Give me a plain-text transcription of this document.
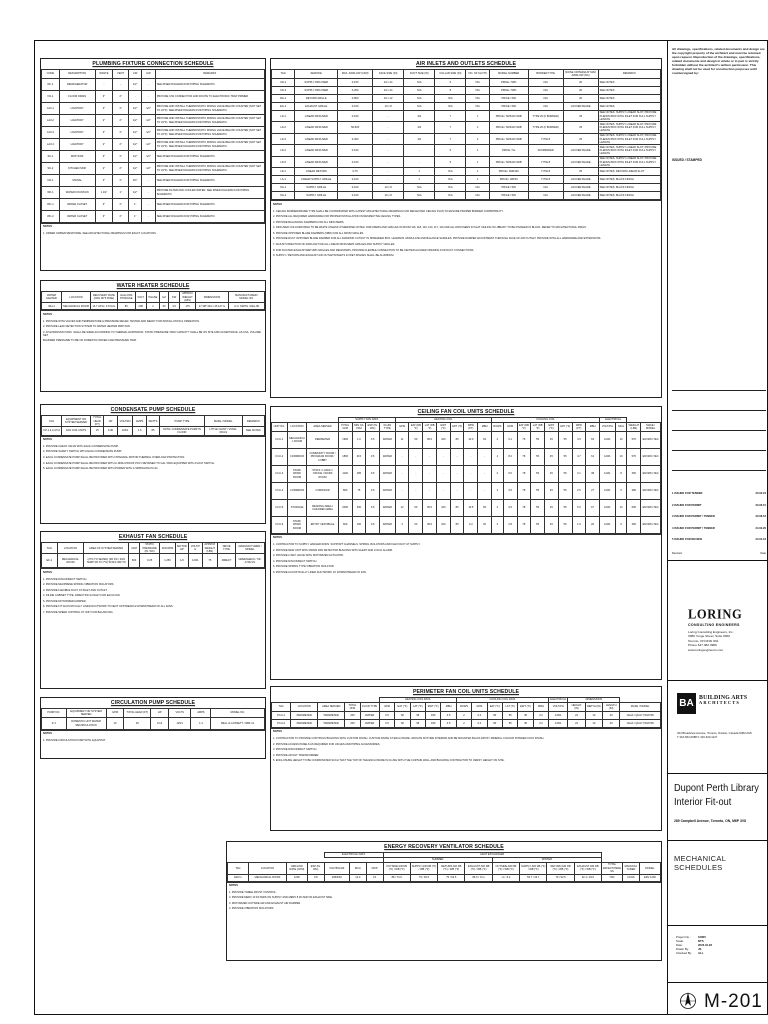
PLUMBING FIXTURE CONNECTION SCHEDULE
CODE	DESCRIPTION	WASTE	VENT	CW	HW	REMARKS
RF-1	REFRIGERATOR	-	-	1/2"	-	SEE RISER DIAGRAM FOR PIPING SCHEMATIC
FD-1	FLOOR DRAIN	3"	2"	-	-	PROVIDE C/W CONNECTION AND ROUTE TO ELECTRONIC TRAP PRIMER
LAV-1	LAVATORY	2"	2"	1/2"	1/2"	PROVIDE AND INSTALL THERMOSTATIC MIXING VALVE BELOW COUNTER (NOT SET TO 43°F). SEE RISER DIAGRAM FOR PIPING SCHEMATIC
LAV-2	LAVATORY	2"	2"	1/2"	1/2"	PROVIDE AND INSTALL THERMOSTATIC MIXING VALVE BELOW COUNTER (NOT SET TO 43°F). SEE RISER DIAGRAM FOR PIPING SCHEMATIC
LAV-3	LAVATORY	2"	2"	1/2"	1/2"	PROVIDE AND INSTALL THERMOSTATIC MIXING VALVE BELOW COUNTER (NOT SET TO 43°F). SEE RISER DIAGRAM FOR PIPING SCHEMATIC
LAV-4	LAVATORY	2"	2"	1/2"	1/2"	PROVIDE AND INSTALL THERMOSTATIC MIXING VALVE BELOW COUNTER (NOT SET TO 43°F). SEE RISER DIAGRAM FOR PIPING SCHEMATIC
SK-1	MOP SINK	3"	2"	1/2"	1/2"	SEE RISER DIAGRAM FOR PIPING SCHEMATIC
SK-2	KITCHEN SINK	2"	2"	1/2"	1/2"	PROVIDE AND INSTALL THERMOSTATIC MIXING VALVE BELOW COUNTER (NOT SET TO 43°F). SEE RISER DIAGRAM FOR PIPING SCHEMATIC
UR-1	URINAL	2"	2"	3/4"	-	SEE RISER DIAGRAM FOR PIPING SCHEMATIC
WF-1	WATER FOUNTAIN	1 1/4"	1"	1/2"	-	PROVIDE FILTER AND COOLER WATER. SEE RISER DIAGRAM FOR PIPING SCHEMATIC
WC-1	WATER CLOSET	3"	2"	1"	-	SEE RISER DIAGRAM FOR PIPING SCHEMATIC
WC-2	WATER CLOSET	3"	2"	1"	-	SEE RISER DIAGRAM FOR PIPING SCHEMATIC
NOTES
1. ORDER OWNER RESPONSE. SEE ARCHITECTURAL DRAWINGS FOR EXACT LOCATIONS.
WATER HEATER SCHEDULE
WATER HEATER	LOCATION	RECOVERY RATE (GPH 90°F RISE)	GALLONS STORAGE	VOLT	PHASE	HZ	KW	APPROX WEIGHT (LBS)	DIMENSIONS	MANUFACTURER / MODEL NO.
WH-1	MECHANICAL ROOM	14.7 GPH / 2.8 GAL	80	208	1	60	3.0	175	27 3/8" DIA x 46 1/2" H	A.O. SMITH / DEL-80
NOTES
1. PROVIDE WITH VALVES AND TEMPERATURE & PRESSURE RELIEF. TESTED AND READY FOR INSTALLATION & OPERATION.
2. PROVIDE LEAK DETECTION SYSTEM TO WATER HEATER DRIP PAN.
3. AT EXPANSION TANK. SHALL BE SIZED ACCORDING TO THERMAL EXPANSION. STATIC PRESSURE TANK CAPACITY SHALL BE ON SITE AND ACCEPTANCE. AS CSA. VOLUME SET
BLADDER PRESSURE TO BE ON DOMESTIC WATER LINE PRESSURE TRIM.
CONDENSATE PUMP SCHEDULE
TAG	EQUIPMENT OR SYSTEM SERVED	TOTAL HEAD (FT)	HP	VOLT/PH	AMPS	WATTS	PUMP TYPE	MAKE / MODEL	REMARKS
CP-1,2,3,4,5,6	FAN COIL UNITS	15	1/30	120/1	1.5	85	NOTE: CONDENSATE PUMP IN FLOOR	LITTLE GIANT / VCMA-15ULS	SEE NOTES
NOTES
1. PROVIDE CHECK VALVE WITH EACH CONDENSATE PUMP.
2. PROVIDE SAFETY SWITCH WITH EACH CONDENSATE PUMP.
3. EACH CONDENSATE PUMP SHALL BE PROVIDED WITH INTEGRAL MOTOR THERMAL OVERLOAD PROTECTION.
4. EACH CONDENSATE PUMP SHALL BE PROVIDED WITH A 16WH PROOF POLY RETAINED TO GAL TANK EQUIPPED WITH FLOAT SWITCH.
5. EACH CONDENSATE PUMP SHALL BE PROVIDED WITH POWER WITH A SPRINGING PLUG.
EXHAUST FAN SCHEDULE
TAG	LOCATION	AREA OF SYSTEM SERVED	CFM	STATIC PRESSURE (IN. WC)	FAN RPM	MOTOR HP	VOLT/PH	APPROX WEIGHT (LBS)	DRIVE TYPE	MANUFACTURER / MODEL
EF-1	MECHANICAL ROOM	(27% TO SEVEN) (FR 3% / FAN TEMP 3% TO 7%) STAFF WR TO	600	0.25	1,250	1/4	120/1	75	DIRECT	GREENHECK / SP-A700-VG
NOTES
1. PROVIDE DISCONNECT SWITCH.
2. PROVIDE NEOPRENE SPRING VIBRATION ISOLATORS.
3. PROVIDE FLEXIBLE DUCT AT INLET AND OUTLET.
4. INLINE CABINET TYPE, DIRECTION & INLET FOR EACH FAN.
5. PROVIDE MOTORIZED DAMPER.
6. PROVIDE FIT ACOUSTICALLY LINED DUCTWORK TO NEXT UPSTREAM & DOWNSTREAM OF ALL FANS.
7. PROVIDE SPEED CONTROL AT UNIT FOR BALANCING.
CIRCULATION PUMP SCHEDULE
PUMP NO.	EQUIPMENT OR SYSTEM SERVED	GPM	TOTAL HEAD (FT)	HP	VOLTS	AMPS	MODEL NO.
P-1	DOMESTIC HOT WATER RECIRCULATION	10	20	1/12	115/1	1.4	BELL & GOSSETT / NBF-12
NOTES
1. PROVIDE CIRCULATION PUMP WITH AQUASTAT.
AIR INLETS AND OUTLETS SCHEDULE
TAG	SERVICE	MAX. AIRFLOW (CFM)	FACE SIZE (IN)	DUCT SIZE (IN)	COLLAR SIZE (IN)	NO. OF SLOTS	MODEL NUMBER	BORDER TYPE	NOISE CRITERIA AT MAX AIRFLOW (NC)	REMARKS
CD-1	SUPPLY DIFFUSER	0-150	24 x 24	N/A	6	N/A	PRICE / SPD	N/A	20	SEE NOTES
CD-2	SUPPLY DIFFUSER	0-250	24 x 24	N/A	8	N/A	PRICE / SPD	N/A	20	SEE NOTES
RG-1	RETURN GRILLE	0-800	16 x 12	N/A	N/A	N/A	PRICE / 530	N/A	20	SEE NOTES
EG-1	EXHAUST GRILLE	0-100	10 x 8	N/A	N/A	N/A	PRICE / 530	N/A	LOUVER BLADE	SEE NOTES
LD-1	LINEAR DIFFUSER	0-150	-	3/4	7	1	PRICE / SDS100 SDB	TYPE 26 (F BORDER)	25	SEE NOTES. SUPPLY LINEAR SLOT, PROVIDE PLENUM BOX WITH INLET FOR FULL SUPPLY LENGTH
LD-2	LINEAR DIFFUSER	50-500	-	3/4	7	1	PRICE / SDS100 SDB	TYPE 26 (F BORDER)	25	SEE NOTES. SUPPLY LINEAR SLOT, PROVIDE PLENUM BOX WITH INLET FOR FULL SUPPLY LENGTH
LD-3	LINEAR DIFFUSER	0-300	-	3/4	7	2	PRICE / SDS100 SDB	TYPE 8	25	SEE NOTES. SUPPLY LINEAR SLOT, PROVIDE PLENUM BOX WITH INLET FOR FULL SUPPLY LENGTH
LD-4	LINEAR DIFFUSER	0-160	-	-	5	1	PRICE / SL	SUSPENDED	LOUVER BLADE	SEE NOTES. SUPPLY LINEAR SLOT, PROVIDE PLENUM BOX WITH INLET FOR FULL SUPPLY LENGTH
LD-5	LINEAR DIFFUSER	0-160	-	-	5	1	PRICE / SDS100 SDB	TYPE 8	LOUVER BLADE	SEE NOTES. SUPPLY LINEAR SLOT, PROVIDE PLENUM BOX WITH INLET FOR FULL SUPPLY LENGTH
LR-1	LINEAR RETURN	0-75	-	1	N/A	1	PRICE / SDR100	TYPE 8	25	SEE NOTES. RETURN LINEAR SLOT
LS-1	LINEAR SUPPLY GRILLE	0-160	-	1	N/A	1	PRICE / LBP20	TYPE 8	LOUVER BLADE	SEE NOTES. BLACK FINISH
SG-1	SUPPLY GRILLE	0-100	10 x 8	N/A	N/A	N/A	PRICE / 520	N/A	LOUVER BLADE	SEE NOTES. BLACK FINISH
SG-2	SUPPLY GRILLE	0-150	16 x 8	N/A	N/A	N/A	PRICE / 520	N/A	LOUVER BLADE	SEE NOTES. BLACK FINISH
NOTES
1. CEILING BORDER/FRAME TYPE SHALL BE COORDINATED WITH LATEST ARCHITECTURAL DRAWINGS FOR REFLECTED CEILING PLAN TO ENSURE PROPER BORDER COMPATIBILITY.
2. PROVIDE ALL REQUIRED HARDWARE FOR PROPER INSTALLATION IN RESPECTIVE CEILING TYPES.
3. PROVIDE BALANCING DAMPERS FOR ALL DIFFUSERS.
4. DIFFUSER COLOUR/FINISH TO BE WHITE UNLESS OTHERWISE NOTED. DIFFUSERS AND GRILLES IN ROOM 116, 118, 119, 120, 117, 116 AND ALL DIFFUSERS IN SLAT CEILING IN LIBRARY TO BE FINISHED IN BLACK. REFER TO ARCHITECTURAL DWGS.
5. PROVIDE OPPOSED BLADE DAMPERS (OBD) FOR ALL FROM GRILLES.
6. PROVIDE DUCT OPPOSED BLADE DAMPER FOR ALL DIAMOND CUTOUT IN SPREADER BOX. LEAMANS. MODULATE AND BALANCE SADDLES. PROVIDE DAMPER ADJUSTMENT THROUGH FACE OF AIR OUTLET. PROVIDE WITH ALL HARDWARE AND EXTENSIONS.
7. ADJUST DIRECTION OF AIRFLOW FOR ALL LINEAR DIFFUSERS GRILLES AND SUPPLY GRILLES.
8. FOR DUCTED EXHAUST/RETURN GRILLES AND REGISTERS, PROVIDE FLEXIBLE CONNECTION TO BE CENTER ALIGNED OPENING FOR DUCT CONNECTIONS.
9. SUPPLY / RETURN AND EXHAUST AIR OUTLETS/INLETS IN WET SPACES SHALL BE ALUMINUM.
CEILING FAN COIL UNITS SCHEDULE
			SUPPLY FAN DATA				HEATING COIL							COOLING COIL								ELECTRICAL			
UNIT NO.	LOCATION	AREA SERVED	TOTAL CFM	MIN OA CFM	ESP (IN. WG)	FLUID TYPE	GPM	EAT (DB °F)	LAT (DB °F)	EWT (°F)	LWT (°F)	WPD (FT)	MBH	ROWS	GPM	EAT (DB °F)	LAT (DB °F)	EWT (°F)	LWT (°F)	WPD (FT)	MBH	VOLT/PH	MCA	WEIGHT (LBS)	MAKE / MODEL
FCU-1	MECHANICAL ROOM	PERIMETER	1900	1.0	0.5	WATER	11	60	95.0	100	80	10.0	62	4	9.1	76	55	45	55	4.5	63	120/1	10	570	ENVIRO-TEC
FCU-2	CORRIDOR	COMMUNITY ROOM / PROGRAM ROOM / LOBBY	1800	315	0.5	WATER	-	-	-	-	-	-	-	4	8.2	78	55	45	55	4.7	61	120/1	10	570	ENVIRO-TEC
FCU-3	STAFF WORK ROOM	STAFF / LUNCH / OFFICE / WORK ROOM	1100	185	0.5	WATER	-	-	-	-	-	-	-	4	5.0	78	55	45	55	3.1	38	120/1	8	450	ENVIRO-TEC
FCU-4	CORRIDOR	CORRIDOR	800	75	0.5	WATER	-	-	-	-	-	-	-	4	3.6	78	55	45	55	2.5	27	120/1	6	380	ENVIRO-TEC
FCU-5	STORAGE	READING AREA / CHILDREN AREA	2000	330	0.5	WATER	12	60	95.0	100	80	10.5	66	4	9.5	78	55	45	55	5.0	67	120/1	10	600	ENVIRO-TEC
FCU-6	STAFF WORK ROOM	ENTRY VESTIBULE	600	100	0.5	WATER	4	60	95.0	100	80	3.2	20	4	2.8	78	55	45	55	1.9	20	120/1	6	350	ENVIRO-TEC
NOTES
1. CONTRACTOR TO SUPPLY HANGER RODS. SUPPORT CHANNELS, SPRING ISOLATORS AND FLEX DUCT AT SUPPLY.
2. PROVIDE NEW UNIT WITH DRAIN PAN DETECTOR BUILDING WITH ALERT AND LOCAL ALARM.
3. PROVIDE 2-WAY VALVE WITH MOTORIZED ACTUATOR.
4. PROVIDE DISCONNECT SWITCH.
5. PROVIDE SPRING TYPE VIBRATION ISOLATOR.
6. PROVIDE ACOUSTICALLY LINED DUCTWORK 10' DOWNSTREAM OF FAN.
PERIMETER FAN COIL UNITS SCHEDULE
					HEATING COIL DATA					COOLING COIL DATA						ELECTRICAL	DIMENSIONS			
TAG	LOCATION	AREA SERVED	TOTAL CFM	FLUID TYPE	GPM	EAT (°F)	LAT (°F)	EWT (°F)	MBH	ROWS	GPM	EAT (°F)	LAT (°F)	EWT (°F)	MBH	VOLT/PH	HEIGHT (IN)	DEPTH (IN)	LENGTH (IN)	MAKE / MODEL
PCU-1	PERIMETER	PERIMETER	150	WATER	0.5	60	95	180	4.5	2	0.4	80	55	45	3.2	120/1	24	10	40	JAGA / QUAY 07H0700
PCU-2	PERIMETER	PERIMETER	150	WATER	0.5	60	95	180	4.5	2	0.4	80	55	45	3.2	120/1	24	10	40	JAGA / QUAY 07H0700
NOTES
1. CONTRACTOR TO PROVIDE CONTROLS BUILDING WITH CUSTOM FINISH. CUSTOM FINISH AT ENCLOSURE. GROUTE FIXTURE INTERIOR AND BE MOUNTED BLACK EPOXY MINERAL COLOUR POWDER COAT FINISH.
2. PROVIDE ACCESS PANELS AS REQUIRED FOR VALVES AND PIPING ACCESSORIES.
3. PROVIDE DISCONNECT SWITCH.
4. PROVIDE 24VOLT TRANSFORMER.
5. ENCLOSURE HEIGHT TO BE COORDINATED SUCH THAT THE TOP OF THE ENCLOSURE IS FLUSH WITH THE CURTAIN WALL AND BUILDING CONTRACTOR TO VERIFY HEIGHT ON SITE.
ENERGY RECOVERY VENTILATOR SCHEDULE
				ELECTRICAL DATA			HEAT EXCHANGER										
							SUMMER				WINTER						
TAG	LOCATION	AIRFLOW RATE (CFM)	ESP (IN. WG)	VOLT/PH/HZ	MCA	MOP	OUTSIDE AIR DB (°F) / WB (°F)	SUPPLY AIR DB (°F) / WB (°F)	RETURN AIR DB (°F) / WB (°F)	EXHAUST AIR DB (°F) / WB (°F)	OUTSIDE AIR DB (°F) / WB (°F)	SUPPLY AIR DB (°F) / WB (°F)	RETURN AIR DB (°F) / WB (°F)	EXHAUST AIR DB (°F) / WB (°F)	TOTAL EFFECTIVENESS	MANUFACTURER	MODEL
ERV-1	MECHANICAL ROOM	1200	0.8	208/3/60	12.0	15	88 / 73.9	76 / 63.5	75 / 62.5	86.6 / 72.1	-4 / -5.2	53.7 / 43.7	70 / 52.5	32.1 / 29.5	70%	COOK	ERV 1200
NOTES
1. PROVIDE THREE FROST CONTROL.
2. PROVIDE MERV 13 FILTERS ON SUPPLY AND MERV 8 FILTER ON EXHAUST SIDE.
3. MOTORIZED OUTSIDE AIR AND EXHAUST AIR DAMPER.
4. PROVIDE VIBRATION ISOLATORS.
All drawings, specifications, related documents and design are the copyright property of the architect and must be returned upon request. Reproduction of the drawings, specifications, related documents and design in whole or in part is strictly forbidden without the architect's written permission. This drawing shall not be used for construction purposes until countersigned by:
ISSUED / STAMPED
1 ISSUED FOR TENDER	23.02.24
2 ISSUED FOR PERMIT	23.06.15
3 ISSUED FOR PERMIT / TENDER	23.08.16
4 ISSUED FOR PERMIT / TENDER	24.02.20
5 ISSUED FOR REVIEW	24.04.16
Revision	Date
LORING
CONSULTING ENGINEERS
Loring Consulting Engineers, Inc.
3080 Yonge Street, Suite 6000
Toronto, ON M4N 3N1
Phone 647.382.3989
www.loringengineers.com
BA BUILDING ARTS
ARCHITECTS
324 Broadview Avenue, Toronto, Ontario, Canada M4M 2G8
T 416-564-0088 F 416-643-1127
Dupont Perth Library
Interior Fit-out
289 Campbell Avenue, Toronto, ON, M6P 3V8
MECHANICAL
SCHEDULES
Project No.:	10805
Scale:	NTS
Date:	2023.04.26
Drawn By:	JS
Checked By: ALL
M-201
